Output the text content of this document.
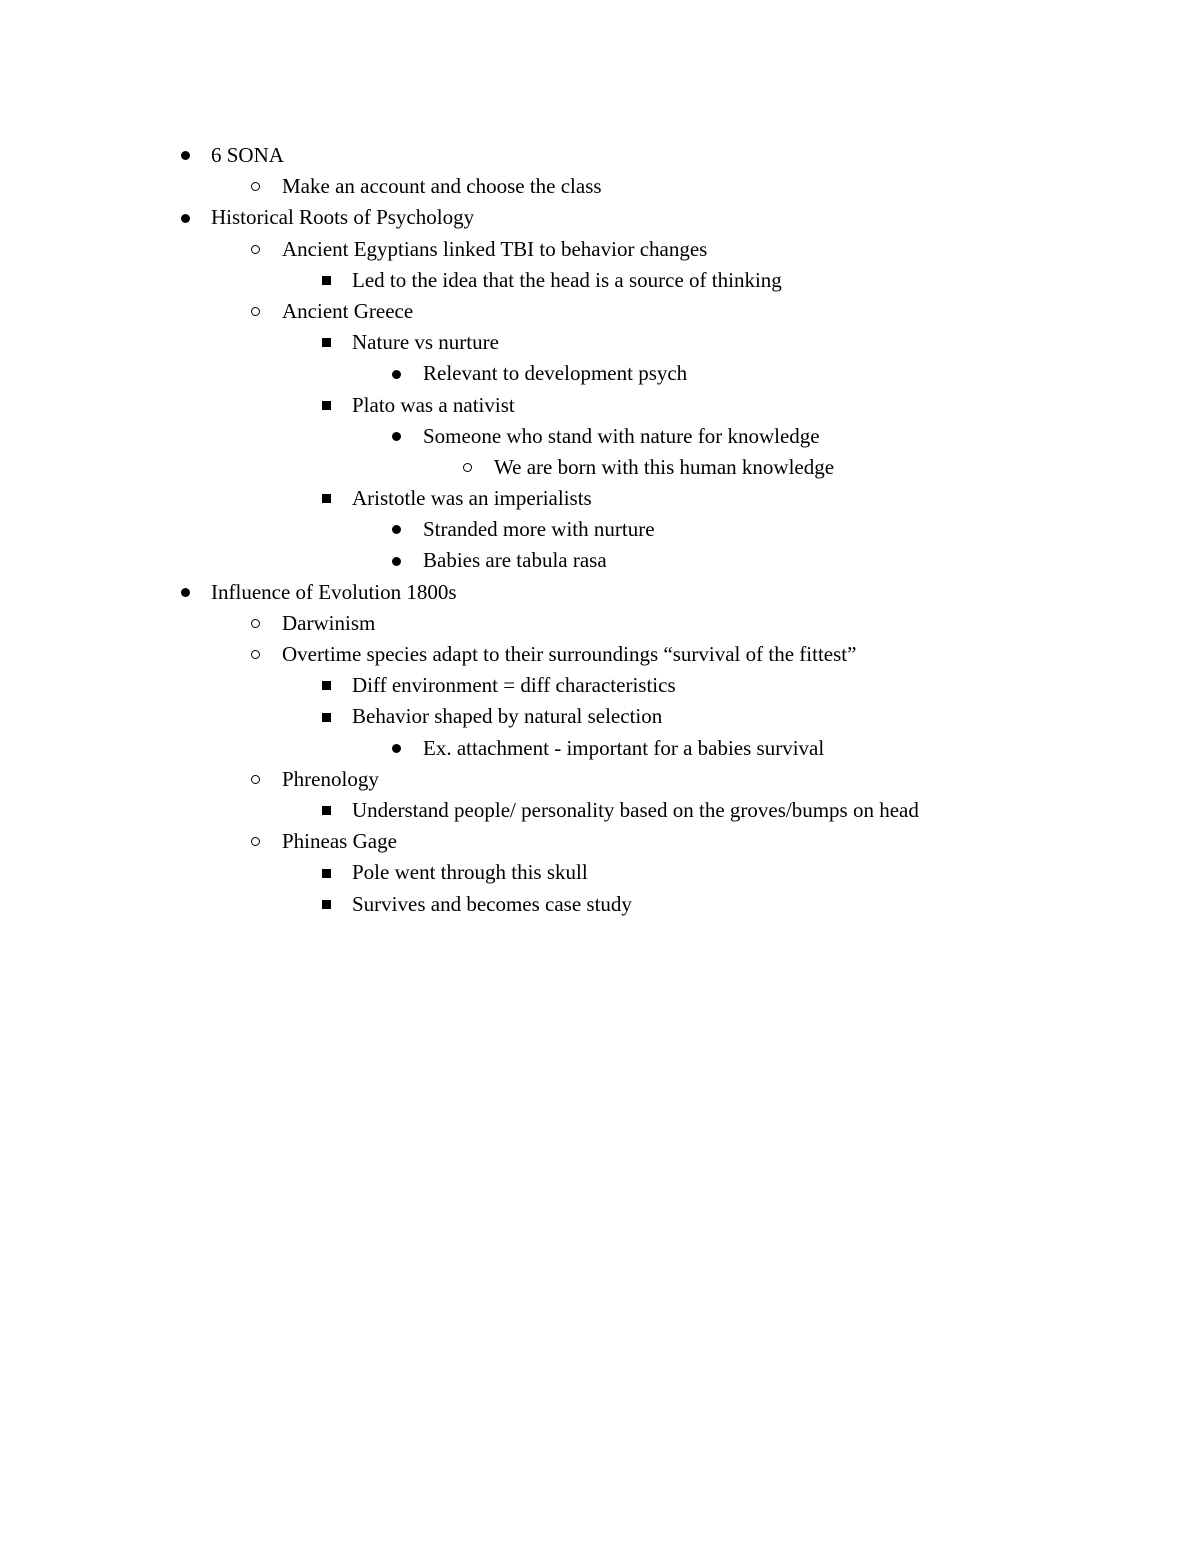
6 SONA
Make an account and choose the class
Historical Roots of Psychology
Ancient Egyptians linked TBI to behavior changes
Led to the idea that the head is a source of thinking
Ancient Greece
Nature vs nurture
Relevant to development psych
Plato was a nativist
Someone who stand with nature for knowledge
We are born with this human knowledge
Aristotle was an imperialists
Stranded more with nurture
Babies are tabula rasa
Influence of Evolution 1800s
Darwinism
Overtime species adapt to their surroundings “survival of the fittest”
Diff environment = diff characteristics
Behavior shaped by natural selection
Ex. attachment - important for a babies survival
Phrenology
Understand people/ personality based on the groves/bumps on head
Phineas Gage
Pole went through this skull
Survives and becomes case study
